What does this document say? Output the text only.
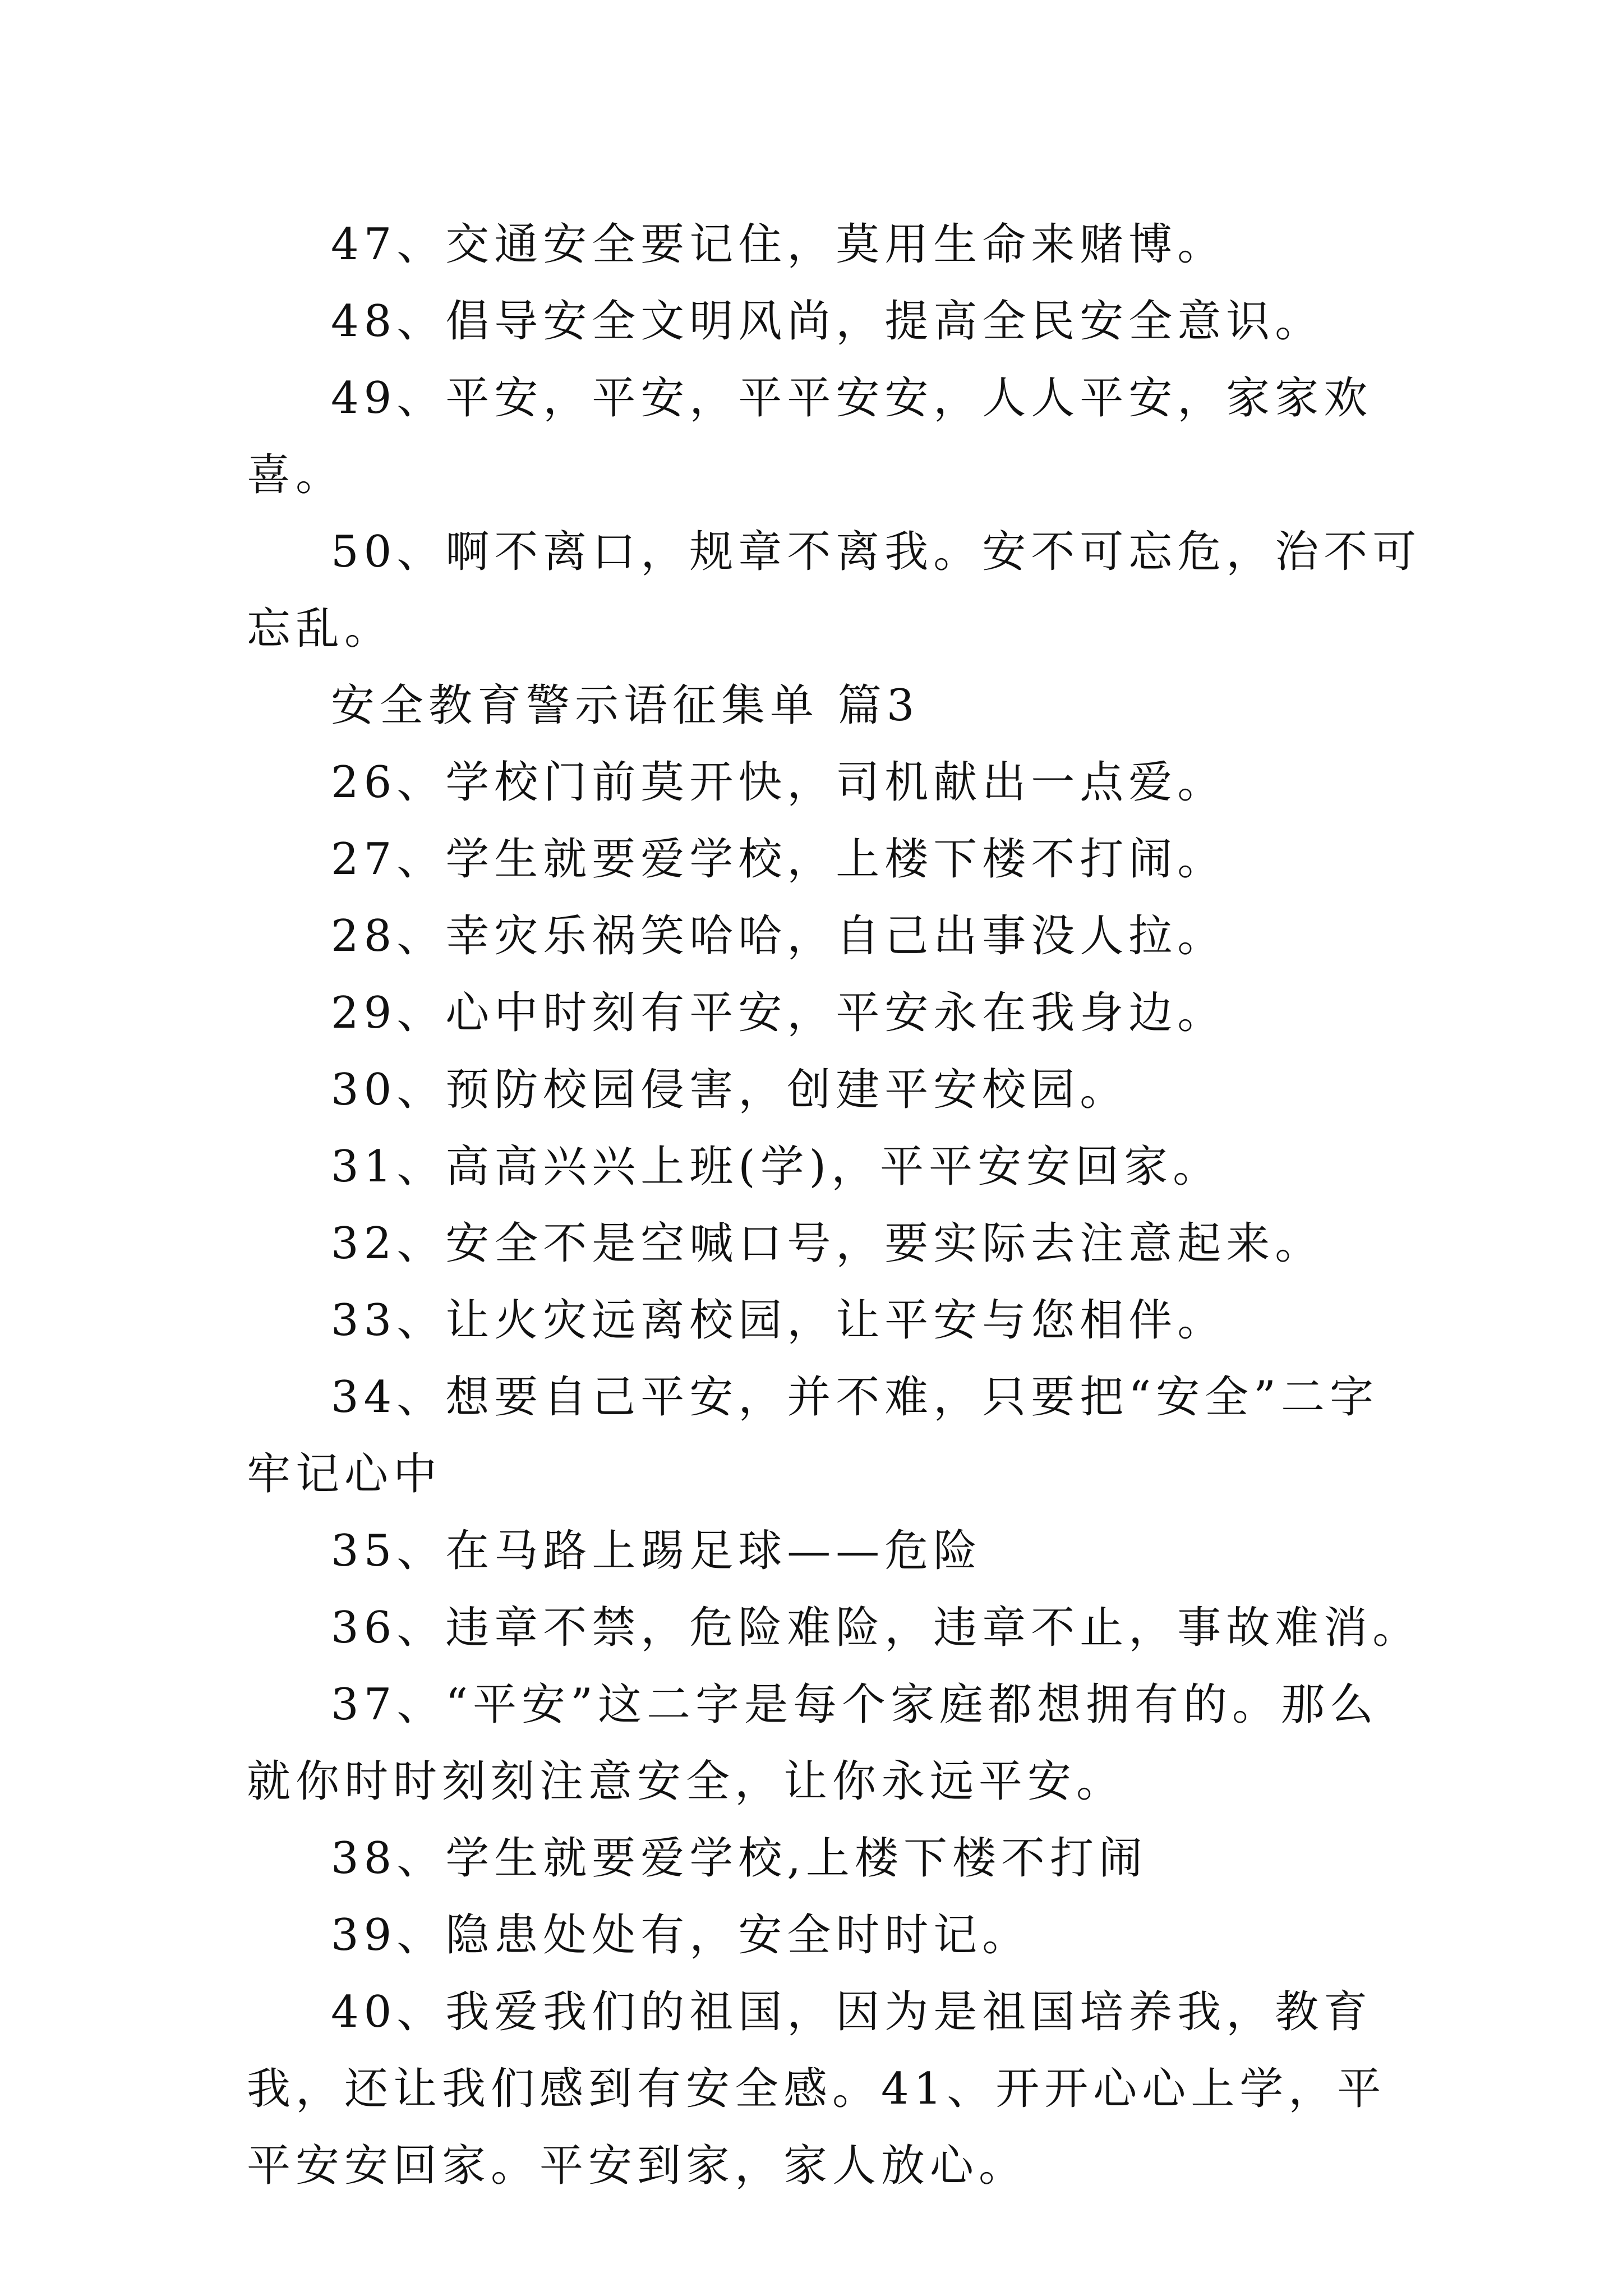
47、交通安全要记住，莫用生命来赌博。

48、倡导安全文明风尚，提高全民安全意识。

49、平安，平安，平平安安，人人平安，家家欢喜。

50、啊不离口，规章不离我。安不可忘危，治不可忘乱。

安全教育警示语征集单 篇3

26、学校门前莫开快，司机献出一点爱。

27、学生就要爱学校，上楼下楼不打闹。

28、幸灾乐祸笑哈哈，自己出事没人拉。

29、心中时刻有平安，平安永在我身边。

30、预防校园侵害，创建平安校园。

31、高高兴兴上班(学)，平平安安回家。

32、安全不是空喊口号，要实际去注意起来。

33、让火灾远离校园，让平安与您相伴。

34、想要自己平安，并不难，只要把“安全”二字牢记心中

35、在马路上踢足球——危险

36、违章不禁，危险难险，违章不止，事故难消。

37、“平安”这二字是每个家庭都想拥有的。那么就你时时刻刻注意安全，让你永远平安。

38、学生就要爱学校,上楼下楼不打闹

39、隐患处处有，安全时时记。

40、我爱我们的祖国，因为是祖国培养我，教育我，还让我们感到有安全感。41、开开心心上学，平平安安回家。平安到家，家人放心。
